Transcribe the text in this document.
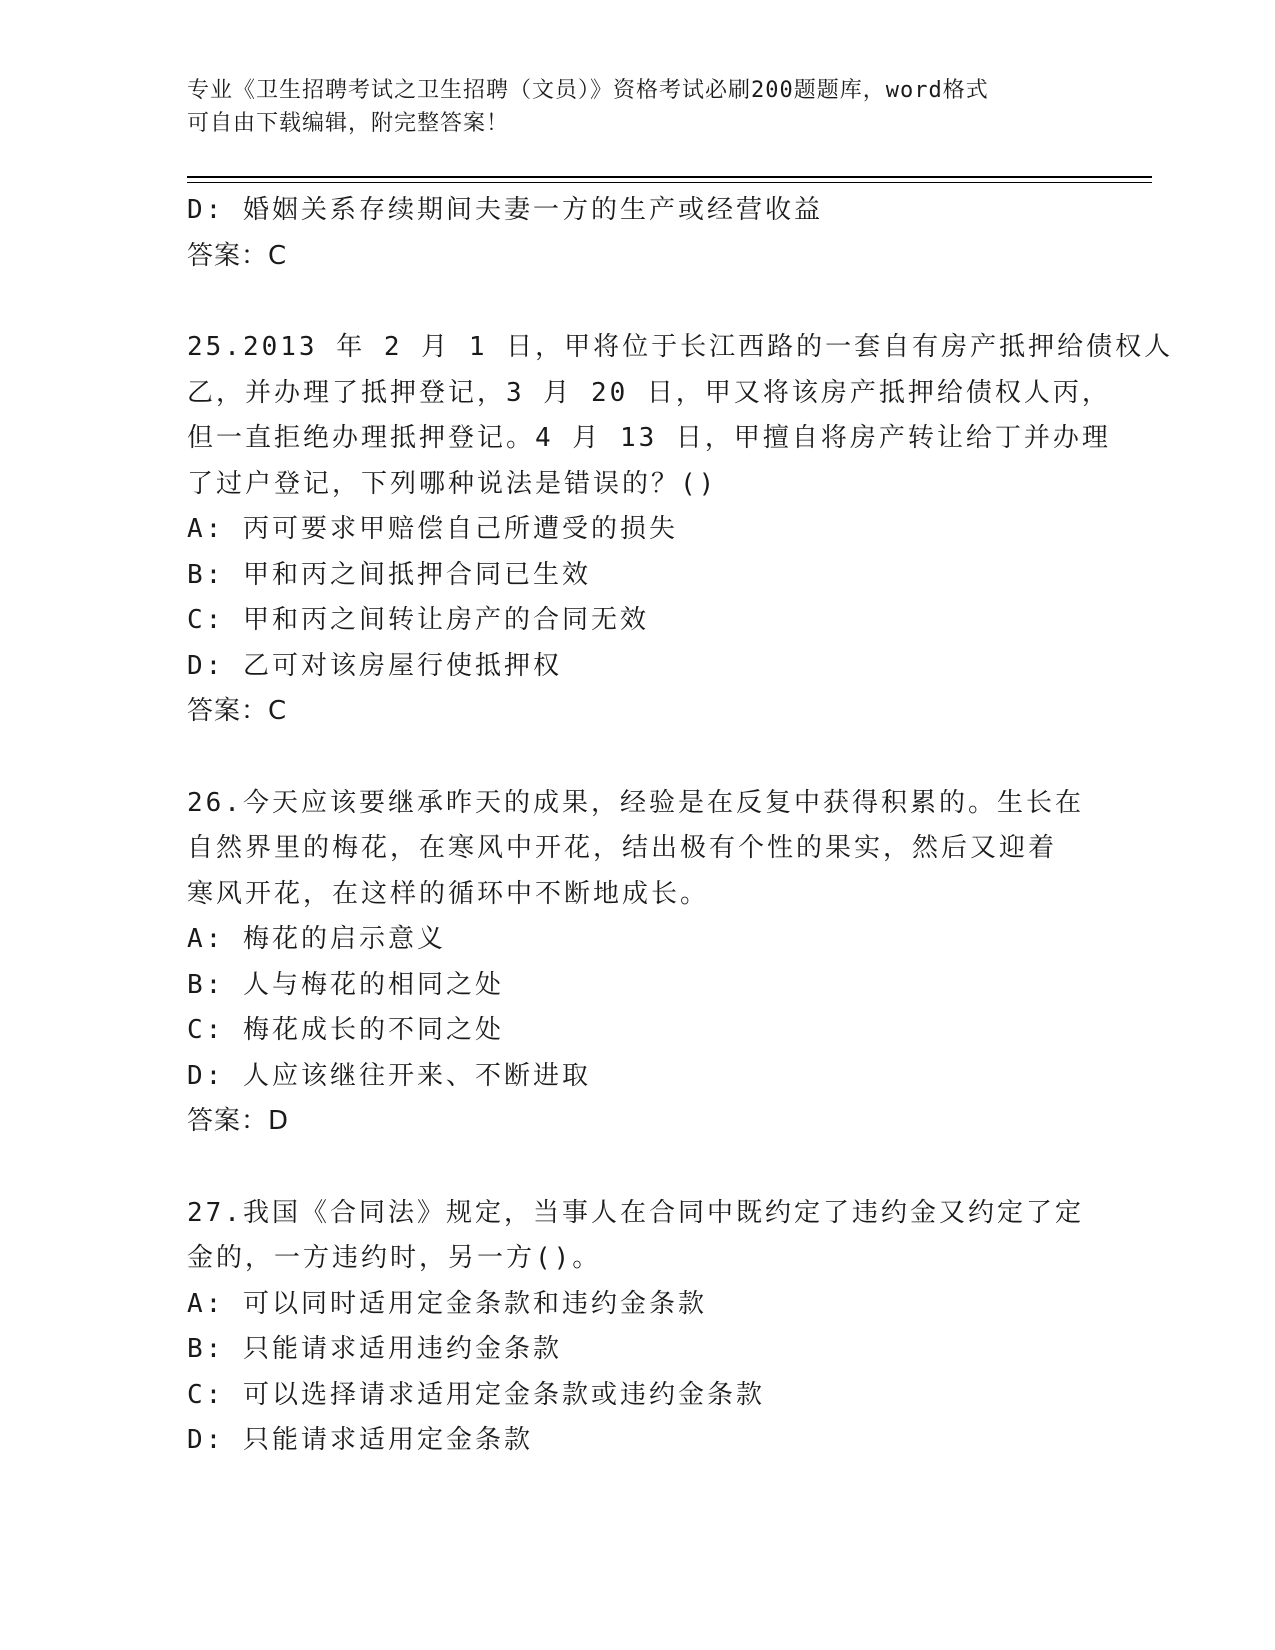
专业《卫生招聘考试之卫生招聘（文员）》资格考试必刷200题题库，word格式
可自由下载编辑，附完整答案！
D: 婚姻关系存续期间夫妻一方的生产或经营收益
答案：C
25.2013 年 2 月 1 日，甲将位于长江西路的一套自有房产抵押给债权人
乙，并办理了抵押登记，3 月 20 日，甲又将该房产抵押给债权人丙，
但一直拒绝办理抵押登记。4 月 13 日，甲擅自将房产转让给丁并办理
了过户登记，下列哪种说法是错误的？()
A: 丙可要求甲赔偿自己所遭受的损失
B: 甲和丙之间抵押合同已生效
C: 甲和丙之间转让房产的合同无效
D: 乙可对该房屋行使抵押权
答案：C
26.今天应该要继承昨天的成果，经验是在反复中获得积累的。生长在
自然界里的梅花，在寒风中开花，结出极有个性的果实，然后又迎着
寒风开花，在这样的循环中不断地成长。
A: 梅花的启示意义
B: 人与梅花的相同之处
C: 梅花成长的不同之处
D: 人应该继往开来、不断进取
答案：D
27.我国《合同法》规定，当事人在合同中既约定了违约金又约定了定
金的，一方违约时，另一方()。
A: 可以同时适用定金条款和违约金条款
B: 只能请求适用违约金条款
C: 可以选择请求适用定金条款或违约金条款
D: 只能请求适用定金条款
